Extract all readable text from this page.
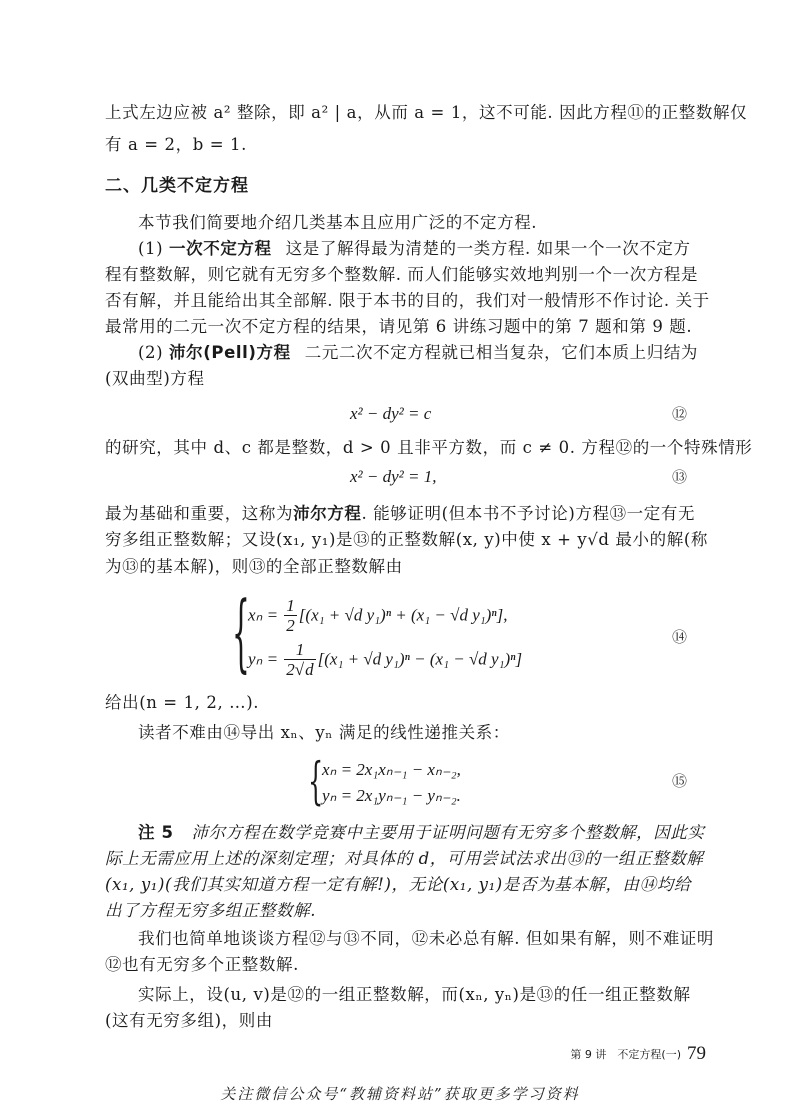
上式左边应被 a² 整除，即 a² | a，从而 a = 1，这不可能. 因此方程⑪的正整数解仅
有 a = 2，b = 1.
二、几类不定方程
本节我们简要地介绍几类基本且应用广泛的不定方程.
(1) 一次不定方程 这是了解得最为清楚的一类方程. 如果一个一次不定方
程有整数解，则它就有无穷多个整数解. 而人们能够实效地判别一个一次方程是
否有解，并且能给出其全部解. 限于本书的目的，我们对一般情形不作讨论. 关于
最常用的二元一次不定方程的结果，请见第 6 讲练习题中的第 7 题和第 9 题.
(2) 沛尔(Pell)方程 二元二次不定方程就已相当复杂，它们本质上归结为
(双曲型)方程
x² − dy² = c	⑫
的研究，其中 d、c 都是整数，d > 0 且非平方数，而 c ≠ 0. 方程⑫的一个特殊情形
x² − dy² = 1,	⑬
最为基础和重要，这称为沛尔方程. 能够证明(但本书不予讨论)方程⑬一定有无
穷多组正整数解；又设(x₁, y₁)是⑬的正整数解(x, y)中使 x + y√d 最小的解(称
为⑬的基本解)，则⑬的全部正整数解由
{
$x_n = \frac{1}{2} [(x_1 + √d$ y₁)ⁿ + (x₁ − √d y₁)ⁿ],
$y_n = \frac{1}{2√d} [(x_1 + √d$ y₁)ⁿ − (x₁ − √d y₁)ⁿ]
⑭
给出(n = 1, 2, …).
读者不难由⑭导出 xₙ、yₙ 满足的线性递推关系：
{
xₙ = 2x₁xₙ₋₁ − xₙ₋₂,
yₙ = 2x₁yₙ₋₁ − yₙ₋₂.
⑮
注 5 沛尔方程在数学竞赛中主要用于证明问题有无穷多个整数解，因此实
际上无需应用上述的深刻定理；对具体的 d，可用尝试法求出⑬的一组正整数解
(x₁, y₁)(我们其实知道方程一定有解!)，无论(x₁, y₁)是否为基本解，由⑭均给
出了方程无穷多组正整数解.
我们也简单地谈谈方程⑫与⑬不同，⑫未必总有解. 但如果有解，则不难证明
⑫也有无穷多个正整数解.
实际上，设(u, v)是⑫的一组正整数解，而(xₙ, yₙ)是⑬的任一组正整数解
(这有无穷多组)，则由
第 9 讲　不定方程(一) 79
关注微信公众号“教辅资料站”获取更多学习资料
